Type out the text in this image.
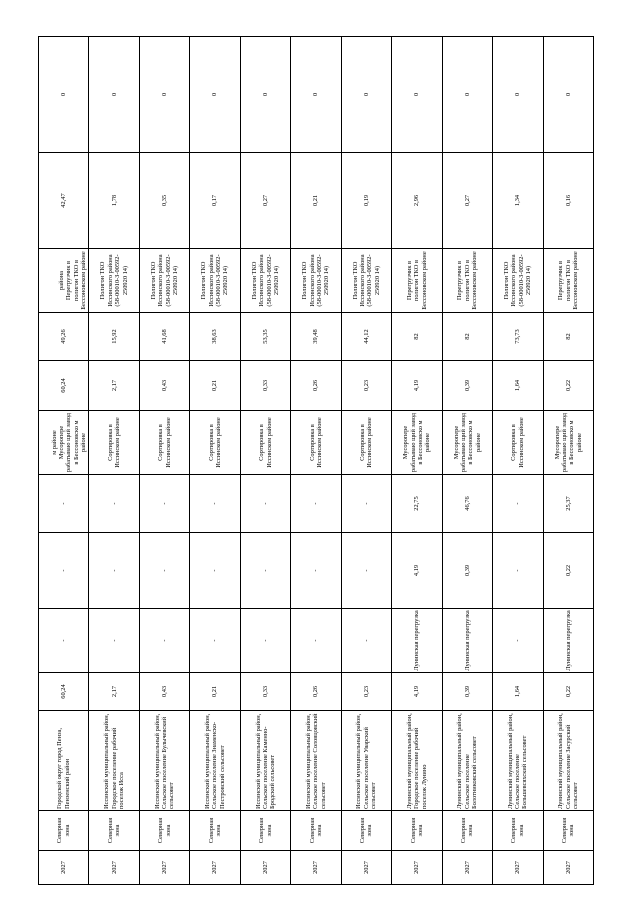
2027	Северная зона	Городской округ город Пенза, Пензенский район	60,24	-	-	-	м районе Мусоропере рабатываю щий завод в Бессоновско м районе	60,24	49,26	района Перегрузчик в полигон ТКО в Бессоновском районе	42,47	0
2027	Северная зона	Иссинский муниципальный район, Городское поселение рабочий поселок Исса	2,17	-	-	-	Сортировка в Иссинском районе	2,17	15,92	Полигон ТКО Иссинского района (58-00010-З-00592-250920 14)	1,78	0
2027	Северная зона	Иссинский муниципальный район, Сельское поселение Булычевский сельсовет	0,43	-	-	-	Сортировка в Иссинском районе	0,43	41,68	Полигон ТКО Иссинского района (58-00010-З-00592-250920 14)	0,35	0
2027	Северная зона	Иссинский муниципальный район, Сельское поселение Знаменско-Пестровский сельсовет	0,21	-	-	-	Сортировка в Иссинском районе	0,21	38,63	Полигон ТКО Иссинского района (58-00010-З-00592-250920 14)	0,17	0
2027	Северная зона	Иссинский муниципальный район, Сельское поселение Каменно-Бродский сельсовет	0,33	-	-	-	Сортировка в Иссинском районе	0,33	53,35	Полигон ТКО Иссинского района (58-00010-З-00592-250920 14)	0,27	0
2027	Северная зона	Иссинский муниципальный район, Сельское поселение Соловцовский сельсовет	0,26	-	-	-	Сортировка в Иссинском районе	0,26	39,48	Полигон ТКО Иссинского района (58-00010-З-00592-250920 14)	0,21	0
2027	Северная зона	Иссинский муниципальный район, Сельское поселение Уварский сельсовет	0,23	-	-	-	Сортировка в Иссинском районе	0,23	44,12	Полигон ТКО Иссинского района (58-00010-З-00592-250920 14)	0,19	0
2027	Северная зона	Лунинский муниципальный район, Городское поселение рабочий поселок Лунино	4,19	Лунинская перегрузка	4,19	22,75	Мусоропере рабатываю щий завод в Бессоновско м районе	4,19	82	Перегрузчик в полигон ТКО в Бессоновском районе	2,96	0
2027	Северная зона	Лунинский муниципальный район, Сельское поселение Болотниковский сельсовет	0,39	Лунинская перегрузка	0,39	46,76	Мусоропере рабатываю щий завод в Бессоновско м районе	0,39	82	Перегрузчик в полигон ТКО в Бессоновском районе	0,27	0
2027	Северная зона	Лунинский муниципальный район, Сельское поселение Большевсяхский сельсовет	1,64	-	-	-	Сортировка в Иссинском районе	1,64	73,73	Полигон ТКО Иссинского района (58-00010-З-00592-250920 14)	1,34	0
2027	Северная зона	Лунинский муниципальный район, Сельское поселение Засурский сельсовет	0,22	Лунинская перегрузка	0,22	25,37	Мусоропере рабатываю щий завод в Бессоновско м районе	0,22	82	Перегрузчик в полигон ТКО в Бессоновском районе	0,16	0
